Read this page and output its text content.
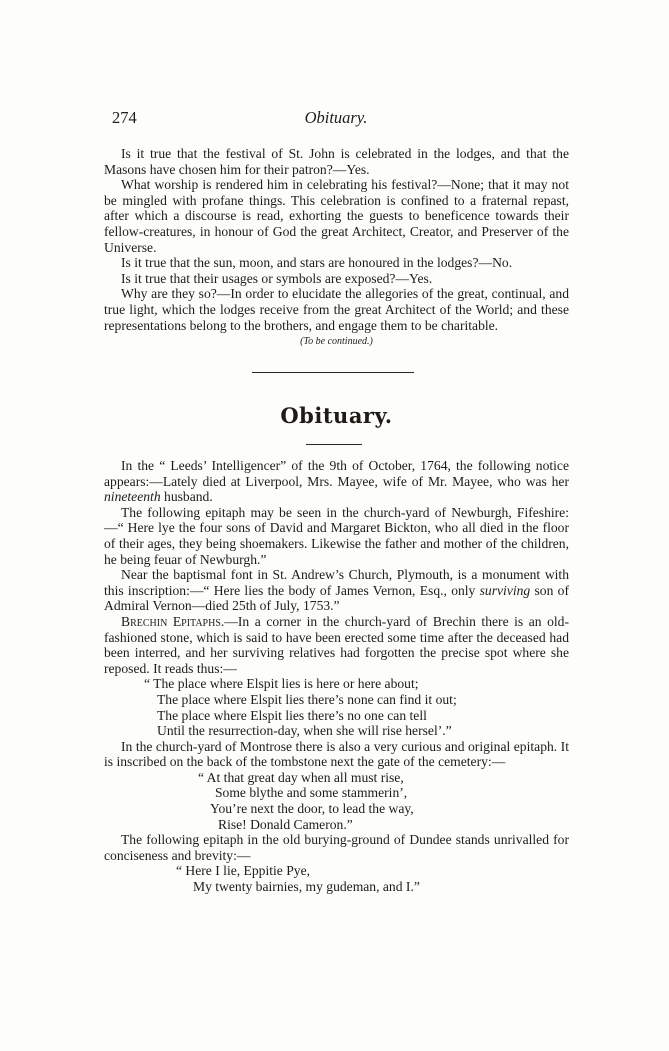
274	Obituary.

Is it true that the festival of St. John is celebrated in the lodges, and that the Masons have chosen him for their patron?—Yes.

What worship is rendered him in celebrating his festival?—None; that it may not be mingled with profane things. This celebration is confined to a fraternal repast, after which a discourse is read, exhorting the guests to beneficence towards their fellow-creatures, in honour of God the great Architect, Creator, and Preserver of the Universe.

Is it true that the sun, moon, and stars are honoured in the lodges?—No.

Is it true that their usages or symbols are exposed?—Yes.

Why are they so?—In order to elucidate the allegories of the great, continual, and true light, which the lodges receive from the great Architect of the World; and these representations belong to the brothers, and engage them to be charitable.

(To be continued.)

Obituary.

In the “ Leeds’ Intelligencer” of the 9th of October, 1764, the following notice appears:—Lately died at Liverpool, Mrs. Mayee, wife of Mr. Mayee, who was her nineteenth husband.

The following epitaph may be seen in the church-yard of Newburgh, Fifeshire:—“ Here lye the four sons of David and Margaret Bickton, who all died in the floor of their ages, they being shoemakers. Likewise the father and mother of the children, he being feuar of Newburgh.”

Near the baptismal font in St. Andrew’s Church, Plymouth, is a monument with this inscription:—“ Here lies the body of James Vernon, Esq., only surviving son of Admiral Vernon—died 25th of July, 1753.”

Brechin Epitaphs.—In a corner in the church-yard of Brechin there is an old-fashioned stone, which is said to have been erected some time after the deceased had been interred, and her surviving relatives had forgotten the precise spot where she reposed. It reads thus:—

“ The place where Elspit lies is here or here about;
The place where Elspit lies there’s none can find it out;
The place where Elspit lies there’s no one can tell
Until the resurrection-day, when she will rise hersel’.”

In the church-yard of Montrose there is also a very curious and original epitaph. It is inscribed on the back of the tombstone next the gate of the cemetery:—

“ At that great day when all must rise,
Some blythe and some stammerin’,
You’re next the door, to lead the way,
Rise! Donald Cameron.”

The following epitaph in the old burying-ground of Dundee stands unrivalled for conciseness and brevity:—

“ Here I lie, Eppitie Pye,
My twenty bairnies, my gudeman, and I.”
